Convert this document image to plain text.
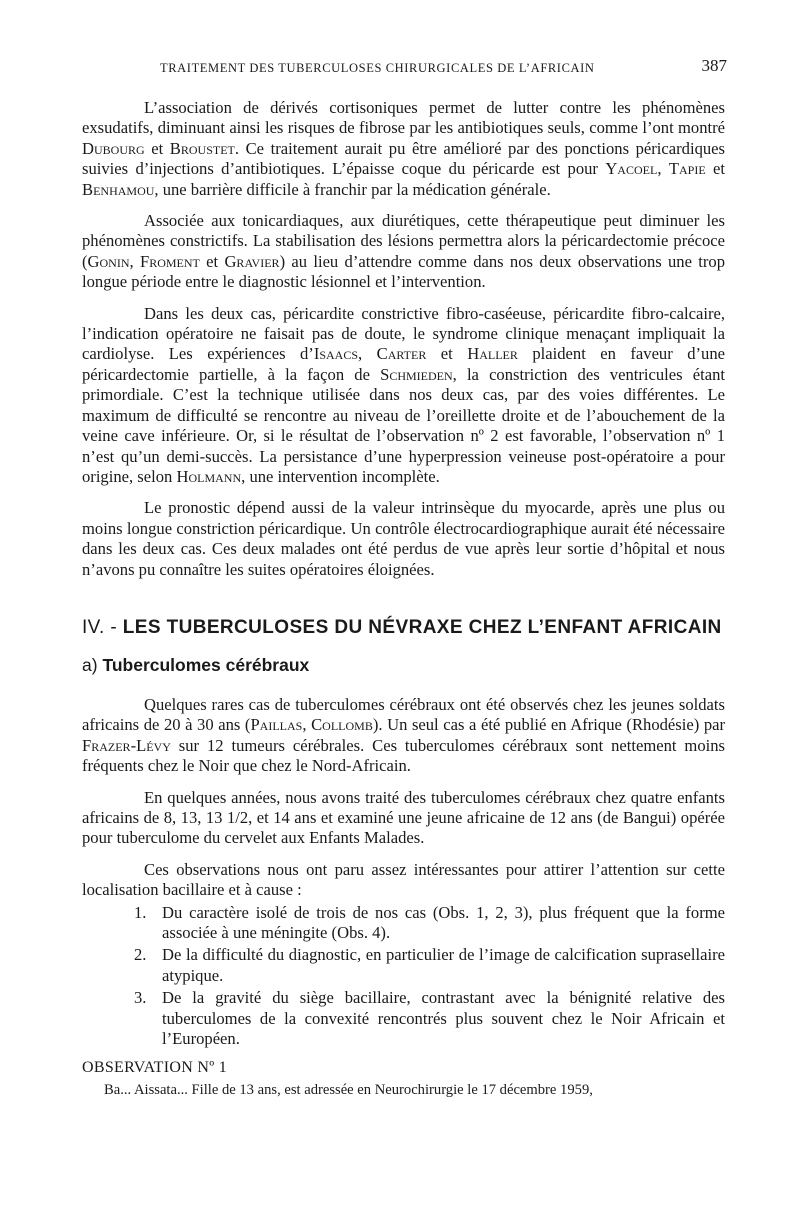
TRAITEMENT DES TUBERCULOSES CHIRURGICALES DE L’AFRICAIN	387

L’association de dérivés cortisoniques permet de lutter contre les phénomènes exsudatifs, diminuant ainsi les risques de fibrose par les antibiotiques seuls, comme l’ont montré Dubourg et Broustet. Ce traitement aurait pu être amélioré par des ponctions péricardiques suivies d’injections d’antibiotiques. L’épaisse coque du péricarde est pour Yacoel, Tapie et Benhamou, une barrière difficile à franchir par la médication générale.

Associée aux tonicardiaques, aux diurétiques, cette thérapeutique peut diminuer les phénomènes constrictifs. La stabilisation des lésions permettra alors la péricardectomie précoce (Gonin, Froment et Gravier) au lieu d’attendre comme dans nos deux observations une trop longue période entre le diagnostic lésionnel et l’intervention.

Dans les deux cas, péricardite constrictive fibro-caséeuse, péricardite fibro-calcaire, l’indication opératoire ne faisait pas de doute, le syndrome clinique menaçant impliquait la cardiolyse. Les expériences d’Isaacs, Carter et Haller plaident en faveur d’une péricardectomie partielle, à la façon de Schmieden, la constriction des ventricules étant primordiale. C’est la technique utilisée dans nos deux cas, par des voies différentes. Le maximum de difficulté se rencontre au niveau de l’oreillette droite et de l’abouchement de la veine cave inférieure. Or, si le résultat de l’observation nº 2 est favorable, l’observation nº 1 n’est qu’un demi-succès. La persistance d’une hyperpression veineuse post-opératoire a pour origine, selon Holmann, une intervention incomplète.

Le pronostic dépend aussi de la valeur intrinsèque du myocarde, après une plus ou moins longue constriction péricardique. Un contrôle électrocardiographique aurait été nécessaire dans les deux cas. Ces deux malades ont été perdus de vue après leur sortie d’hôpital et nous n’avons pu connaître les suites opératoires éloignées.

IV. - LES TUBERCULOSES DU NÉVRAXE CHEZ L’ENFANT AFRICAIN
a) Tuberculomes cérébraux

Quelques rares cas de tuberculomes cérébraux ont été observés chez les jeunes soldats africains de 20 à 30 ans (Paillas, Collomb). Un seul cas a été publié en Afrique (Rhodésie) par Frazer-Lévy sur 12 tumeurs cérébrales. Ces tuberculomes cérébraux sont nettement moins fréquents chez le Noir que chez le Nord-Africain.

En quelques années, nous avons traité des tuberculomes cérébraux chez quatre enfants africains de 8, 13, 13 1/2, et 14 ans et examiné une jeune africaine de 12 ans (de Bangui) opérée pour tuberculome du cervelet aux Enfants Malades.

Ces observations nous ont paru assez intéressantes pour attirer l’attention sur cette localisation bacillaire et à cause :

1. Du caractère isolé de trois de nos cas (Obs. 1, 2, 3), plus fréquent que la forme associée à une méningite (Obs. 4).
2. De la difficulté du diagnostic, en particulier de l’image de calcification suprasellaire atypique.
3. De la gravité du siège bacillaire, contrastant avec la bénignité relative des tuberculomes de la convexité rencontrés plus souvent chez le Noir Africain et l’Européen.
OBSERVATION Nº 1
Ba... Aissata... Fille de 13 ans, est adressée en Neurochirurgie le 17 décembre 1959,
